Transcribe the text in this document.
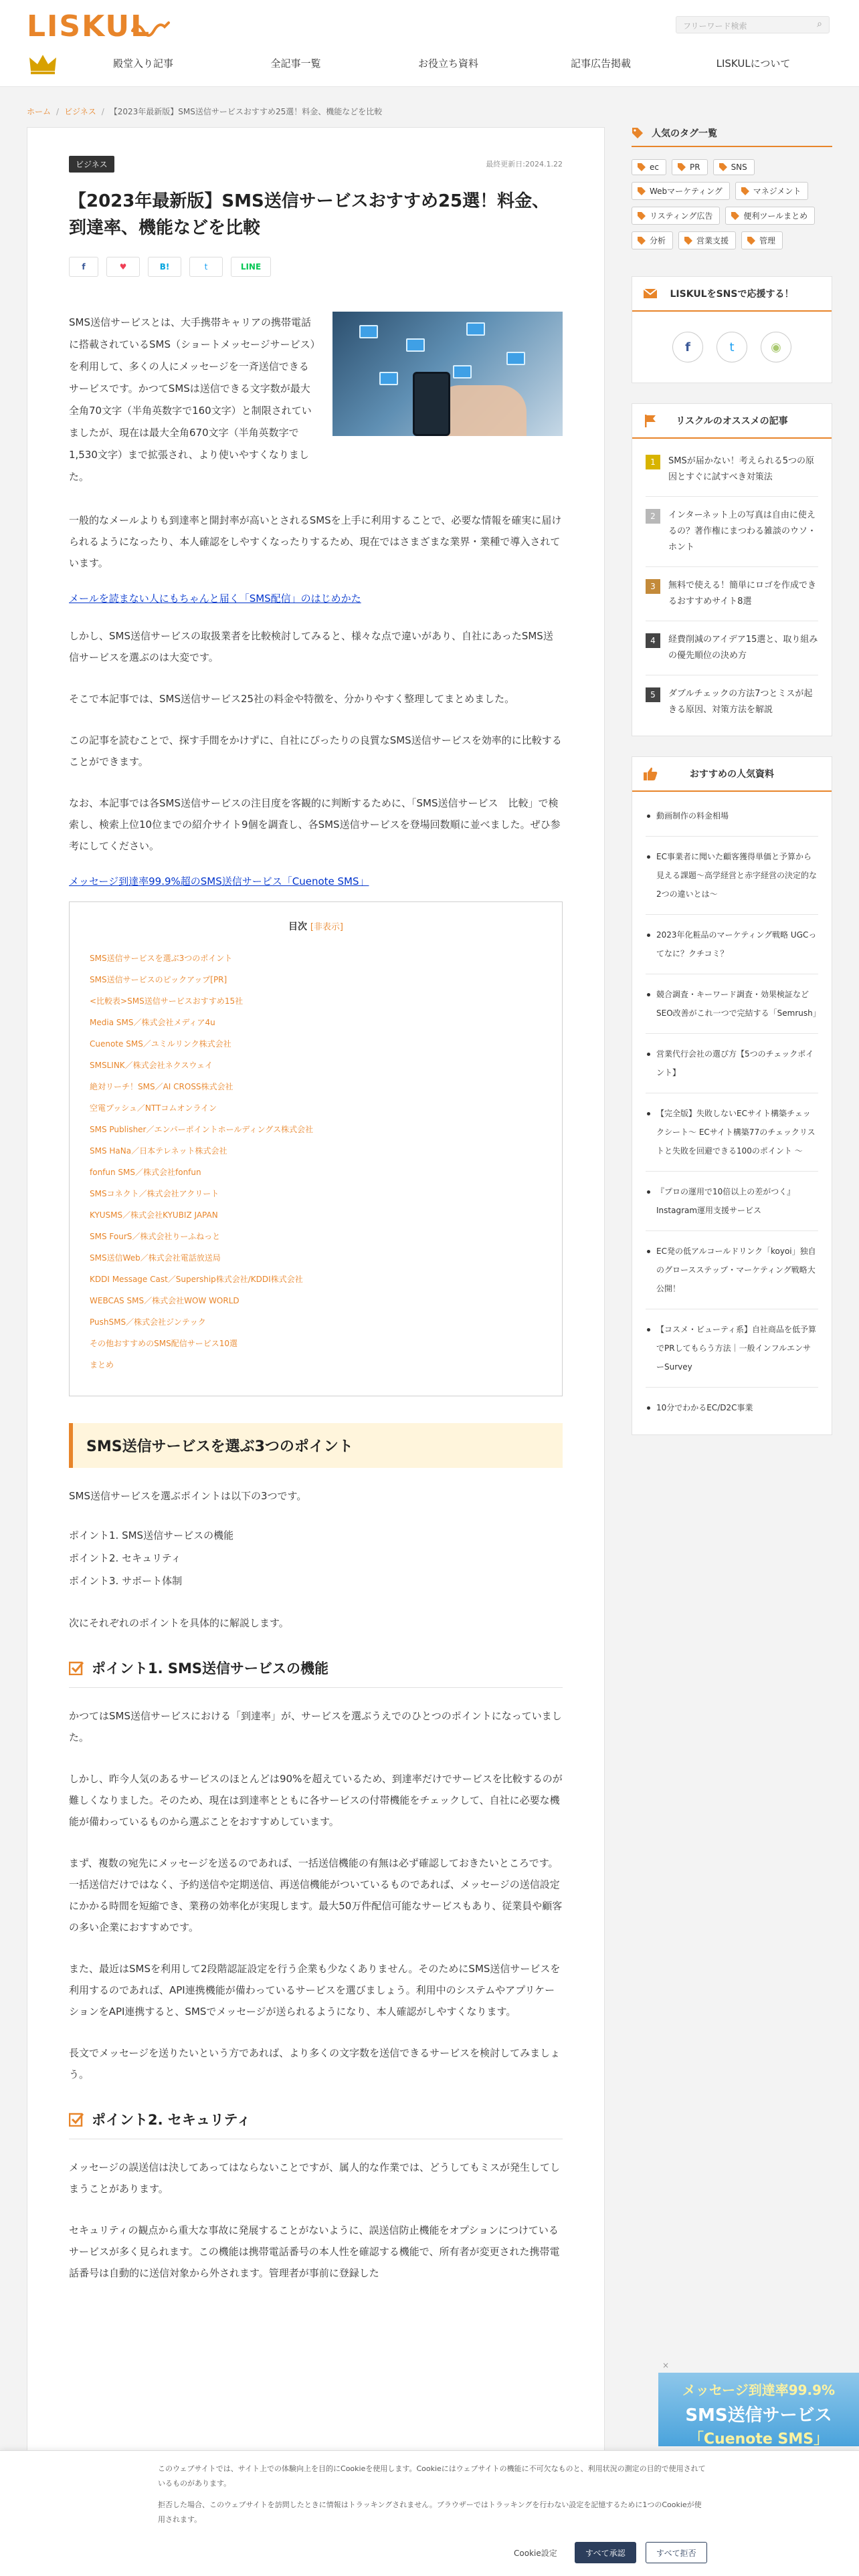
LISKUL	フリーワード検索	⌕
殿堂入り記事	全記事一覧	お役立ち資料	記事広告掲載	LISKULについて
ホーム / ビジネス / 【2023年最新版】SMS送信サービスおすすめ25選！料金、機能などを比較
ビジネス	最終更新日:2024.1.22
【2023年最新版】SMS送信サービスおすすめ25選！料金、到達率、機能などを比較
f	♥	B!	t	LINE

SMS送信サービスとは、大手携帯キャリアの携帯電話に搭載されているSMS（ショートメッセージサービス）を利用して、多くの人にメッセージを一斉送信できるサービスです。かつてSMSは送信できる文字数が最大全角70文字（半角英数字で160文字）と制限されていましたが、現在は最大全角670文字（半角英数字で1,530文字）まで拡張され、より使いやすくなりました。

一般的なメールよりも到達率と開封率が高いとされるSMSを上手に利用することで、必要な情報を確実に届けられるようになったり、本人確認をしやすくなったりするため、現在ではさまざまな業界・業種で導入されています。

メールを読まない人にもちゃんと届く「SMS配信」のはじめかた

しかし、SMS送信サービスの取扱業者を比較検討してみると、様々な点で違いがあり、自社にあったSMS送信サービスを選ぶのは大変です。

そこで本記事では、SMS送信サービス25社の料金や特徴を、分かりやすく整理してまとめました。

この記事を読むことで、探す手間をかけずに、自社にぴったりの良質なSMS送信サービスを効率的に比較することができます。

なお、本記事では各SMS送信サービスの注目度を客観的に判断するために、「SMS送信サービス　比較」で検索し、検索上位10位までの紹介サイト9個を調査し、各SMS送信サービスを登場回数順に並べました。ぜひ参考にしてください。

メッセージ到達率99.9%超のSMS送信サービス「Cuenote SMS」
目次 [非表示]
SMS送信サービスを選ぶ3つのポイント
SMS送信サービスのピックアップ[PR]
<比較表>SMS送信サービスおすすめ15社
Media SMS／株式会社メディア4u
Cuenote SMS／ユミルリンク株式会社
SMSLINK／株式会社ネクスウェイ
絶対リーチ！SMS／AI CROSS株式会社
空電プッシュ／NTTコムオンライン
SMS Publisher／エンパーポイントホールディングス株式会社
SMS HaNa／日本テレネット株式会社
fonfun SMS／株式会社fonfun
SMSコネクト／株式会社アクリート
KYUSMS／株式会社KYUBIZ JAPAN
SMS FourS／株式会社りーふねっと
SMS送信Web／株式会社電話放送局
KDDI Message Cast／Supership株式会社/KDDI株式会社
WEBCAS SMS／株式会社WOW WORLD
PushSMS／株式会社ジンテック
その他おすすめのSMS配信サービス10選
まとめ
SMS送信サービスを選ぶ3つのポイント

SMS送信サービスを選ぶポイントは以下の3つです。

ポイント1. SMS送信サービスの機能
ポイント2. セキュリティ
ポイント3. サポート体制

次にそれぞれのポイントを具体的に解説します。

ポイント1. SMS送信サービスの機能

かつてはSMS送信サービスにおける「到達率」が、サービスを選ぶうえでのひとつのポイントになっていました。

しかし、昨今人気のあるサービスのほとんどは90%を超えているため、到達率だけでサービスを比較するのが難しくなりました。そのため、現在は到達率とともに各サービスの付帯機能をチェックして、自社に必要な機能が備わっているものから選ぶことをおすすめしています。

まず、複数の宛先にメッセージを送るのであれば、一括送信機能の有無は必ず確認しておきたいところです。一括送信だけではなく、予約送信や定期送信、再送信機能がついているものであれば、メッセージの送信設定にかかる時間を短縮でき、業務の効率化が実現します。最大50万件配信可能なサービスもあり、従業員や顧客の多い企業におすすめです。

また、最近はSMSを利用して2段階認証設定を行う企業も少なくありません。そのためにSMS送信サービスを利用するのであれば、API連携機能が備わっているサービスを選びましょう。利用中のシステムやアプリケーションをAPI連携すると、SMSでメッセージが送られるようになり、本人確認がしやすくなります。

長文でメッセージを送りたいという方であれば、より多くの文字数を送信できるサービスを検討してみましょう。

ポイント2. セキュリティ

メッセージの誤送信は決してあってはならないことですが、属人的な作業では、どうしてもミスが発生してしまうことがあります。

セキュリティの観点から重大な事故に発展することがないように、誤送信防止機能をオプションにつけているサービスが多く見られます。この機能は携帯電話番号の本人性を確認する機能で、所有者が変更された携帯電話番号は自動的に送信対象から外されます。管理者が事前に登録した

人気のタグ一覧
ec	PR	SNS
Webマーケティング	マネジメント
リスティング広告	便利ツールまとめ
分析	営業支援	管理
LISKULをSNSで応援する！
f	t	◉
リスクルのオススメの記事
1	SMSが届かない！考えられる5つの原因とすぐに試すべき対策法
2	インターネット上の写真は自由に使えるの？著作権にまつわる雑談のウソ・ホント
3	無料で使える！簡単にロゴを作成できるおすすめサイト8選
4	経費削減のアイデア15選と、取り組みの優先順位の決め方
5	ダブルチェックの方法7つとミスが起きる原因、対策方法を解説
おすすめの人気資料
動画制作の料金相場
EC事業者に聞いた顧客獲得単価と予算から見える課題〜高学経営と赤字経営の決定的な2つの違いとは〜
2023年化粧品のマーケティング戦略 UGCってなに？クチコミ？
競合調査・キーワード調査・効果検証などSEO改善がこれ一つで完結する「Semrush」
営業代行会社の選び方【5つのチェックポイント】
【完全版】失敗しないECサイト構築チェックシート〜 ECサイト構築77のチェックリストと失敗を回避できる100のポイント 〜
『プロの運用で10倍以上の差がつく』Instagram運用支援サービス
EC発の低アルコールドリンク「koyoi」独自のグロースステップ・マーケティング戦略大公開！
【コスメ・ビューティ系】自社商品を低予算でPRしてもらう方法｜一般インフルエンサーSurvey
10分でわかるEC/D2C事業
×
メッセージ到達率99.9%
SMS送信サービス
「Cuenote SMS」

このウェブサイトでは、サイト上での体験向上を目的にCookieを使用します。Cookieにはウェブサイトの機能に不可欠なものと、利用状況の測定の目的で使用されているものがあります。

拒否した場合、このウェブサイトを訪問したときに情報はトラッキングされません。ブラウザーではトラッキングを行わない設定を記憶するために1つのCookieが使用されます。

Cookie設定	すべて承認	すべて拒否
